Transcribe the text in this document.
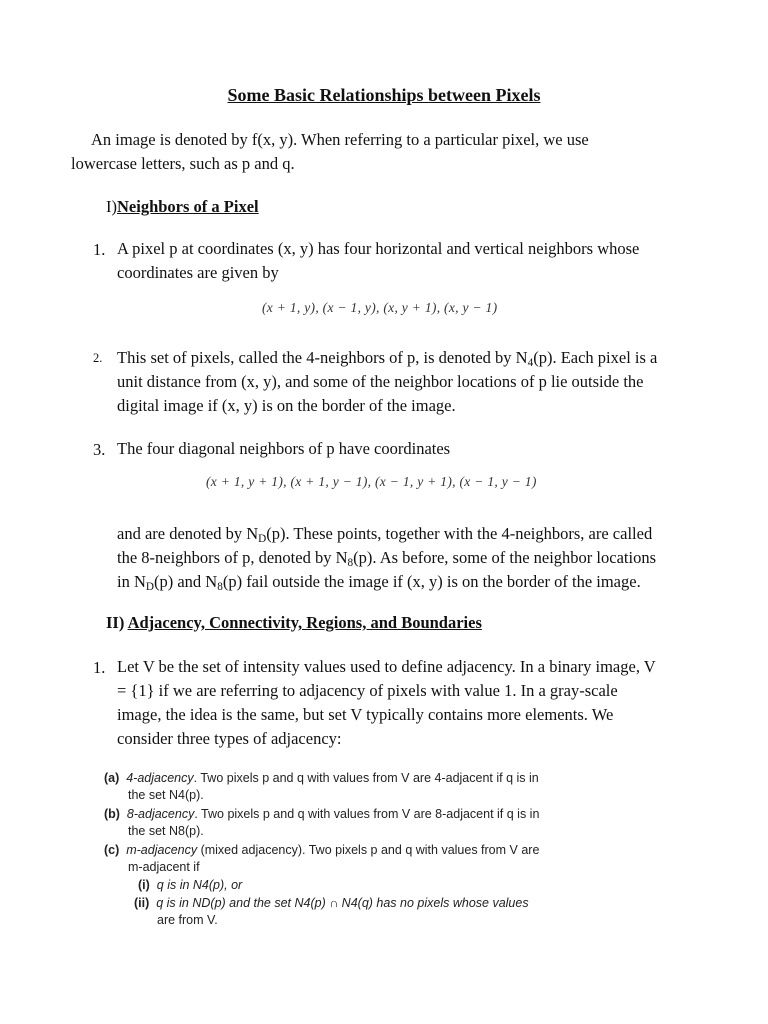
Some Basic Relationships between Pixels
An image is denoted by f(x, y). When referring to a particular pixel, we use
lowercase letters, such as p and q.
I)Neighbors of a Pixel
1. A pixel p at coordinates (x, y) has four horizontal and vertical neighbors whose
coordinates are given by
(x + 1, y), (x − 1, y), (x, y + 1), (x, y − 1)
2. This set of pixels, called the 4-neighbors of p, is denoted by $N_4(p)$. Each pixel is a
unit distance from (x, y), and some of the neighbor locations of p lie outside the
digital image if (x, y) is on the border of the image.
3. The four diagonal neighbors of p have coordinates
(x + 1, y + 1), (x + 1, y − 1), (x − 1, y + 1), (x − 1, y − 1)
and are denoted by $N_D(p)$. These points, together with the 4-neighbors, are called
the 8-neighbors of p, denoted by $N_8(p)$. As before, some of the neighbor locations
in $N_D(p)$ and $N_8(p)$ fail outside the image if (x, y) is on the border of the image.
II) Adjacency, Connectivity, Regions, and Boundaries
1. Let V be the set of intensity values used to define adjacency. In a binary image, V
= {1} if we are referring to adjacency of pixels with value 1. In a gray-scale
image, the idea is the same, but set V typically contains more elements. We
consider three types of adjacency:
(a) 4-adjacency. Two pixels p and q with values from V are 4-adjacent if q is in
the set N4(p).
(b) 8-adjacency. Two pixels p and q with values from V are 8-adjacent if q is in
the set N8(p).
(c) m-adjacency (mixed adjacency). Two pixels p and q with values from V are
m-adjacent if
(i) q is in N4(p), or
(ii) q is in ND(p) and the set N4(p) ∩ N4(q) has no pixels whose values
are from V.
